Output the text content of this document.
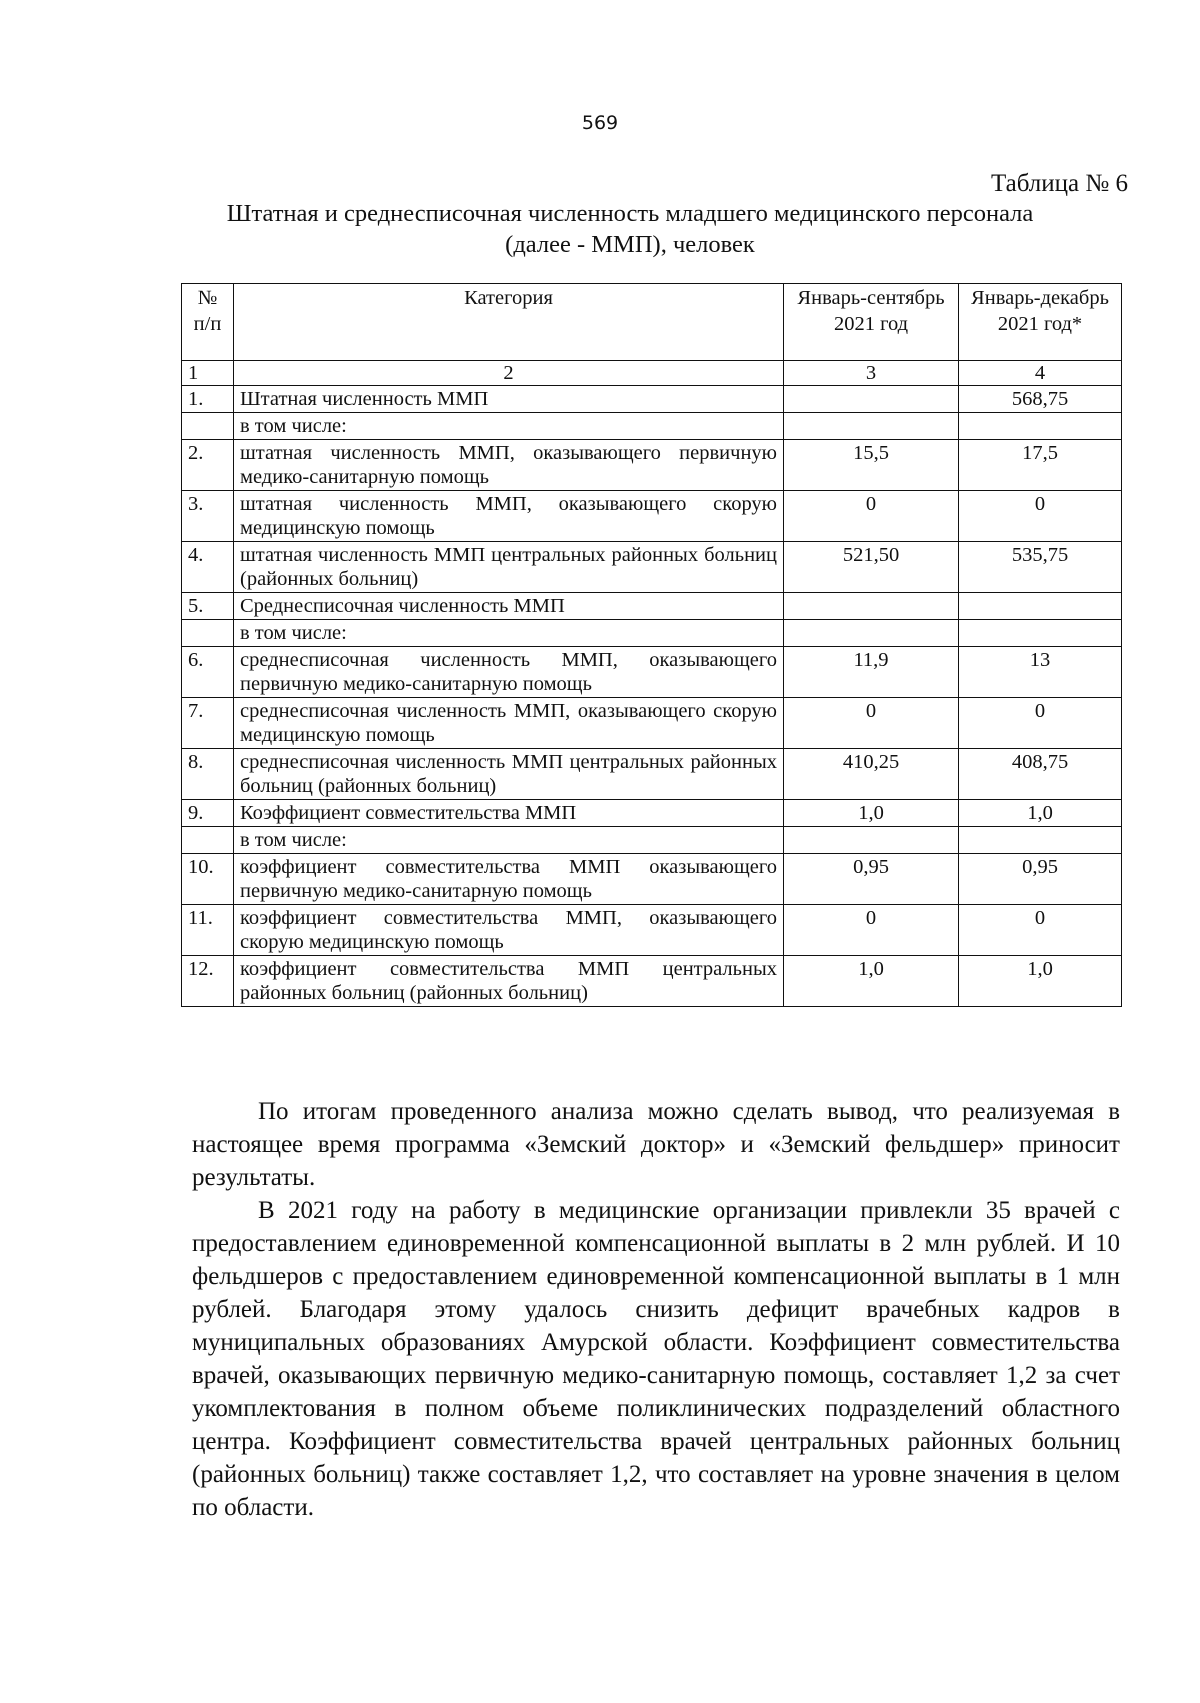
569
Таблица № 6
Штатная и среднесписочная численность младшего медицинского персонала
(далее - ММП), человек
№ п/п	Категория	Январь-сентябрь 2021 год	Январь-декабрь 2021 год*
1	2	3	4
1.	Штатная численность ММП		568,75
	в том числе:		
2.	штатная численность ММП, оказывающего первичную медико-санитарную помощь	15,5	17,5
3.	штатная численность ММП, оказывающего скорую медицинскую помощь	0	0
4.	штатная численность ММП центральных районных больниц (районных больниц)	521,50	535,75
5.	Среднесписочная численность ММП		
	в том числе:		
6.	среднесписочная численность ММП, оказывающего первичную медико-санитарную помощь	11,9	13
7.	среднесписочная численность ММП, оказывающего скорую медицинскую помощь	0	0
8.	среднесписочная численность ММП центральных районных больниц (районных больниц)	410,25	408,75
9.	Коэффициент совместительства ММП	1,0	1,0
	в том числе:		
10.	коэффициент совместительства ММП оказывающего первичную медико-санитарную помощь	0,95	0,95
11.	коэффициент совместительства ММП, оказывающего скорую медицинскую помощь	0	0
12.	коэффициент совместительства ММП центральных районных больниц (районных больниц)	1,0	1,0

По итогам проведенного анализа можно сделать вывод, что реализуемая в настоящее время программа «Земский доктор» и «Земский фельдшер» приносит результаты.

В 2021 году на работу в медицинские организации привлекли 35 врачей с предоставлением единовременной компенсационной выплаты в 2 млн рублей. И 10 фельдшеров с предоставлением единовременной компенсационной выплаты в 1 млн рублей. Благодаря этому удалось снизить дефицит врачебных кадров в муниципальных образованиях Амурской области. Коэффициент совместительства врачей, оказывающих первичную медико-санитарную помощь, составляет 1,2 за счет укомплектования в полном объеме поликлинических подразделений областного центра. Коэффициент совместительства врачей центральных районных больниц (районных больниц) также составляет 1,2, что составляет на уровне значения в целом по области.
